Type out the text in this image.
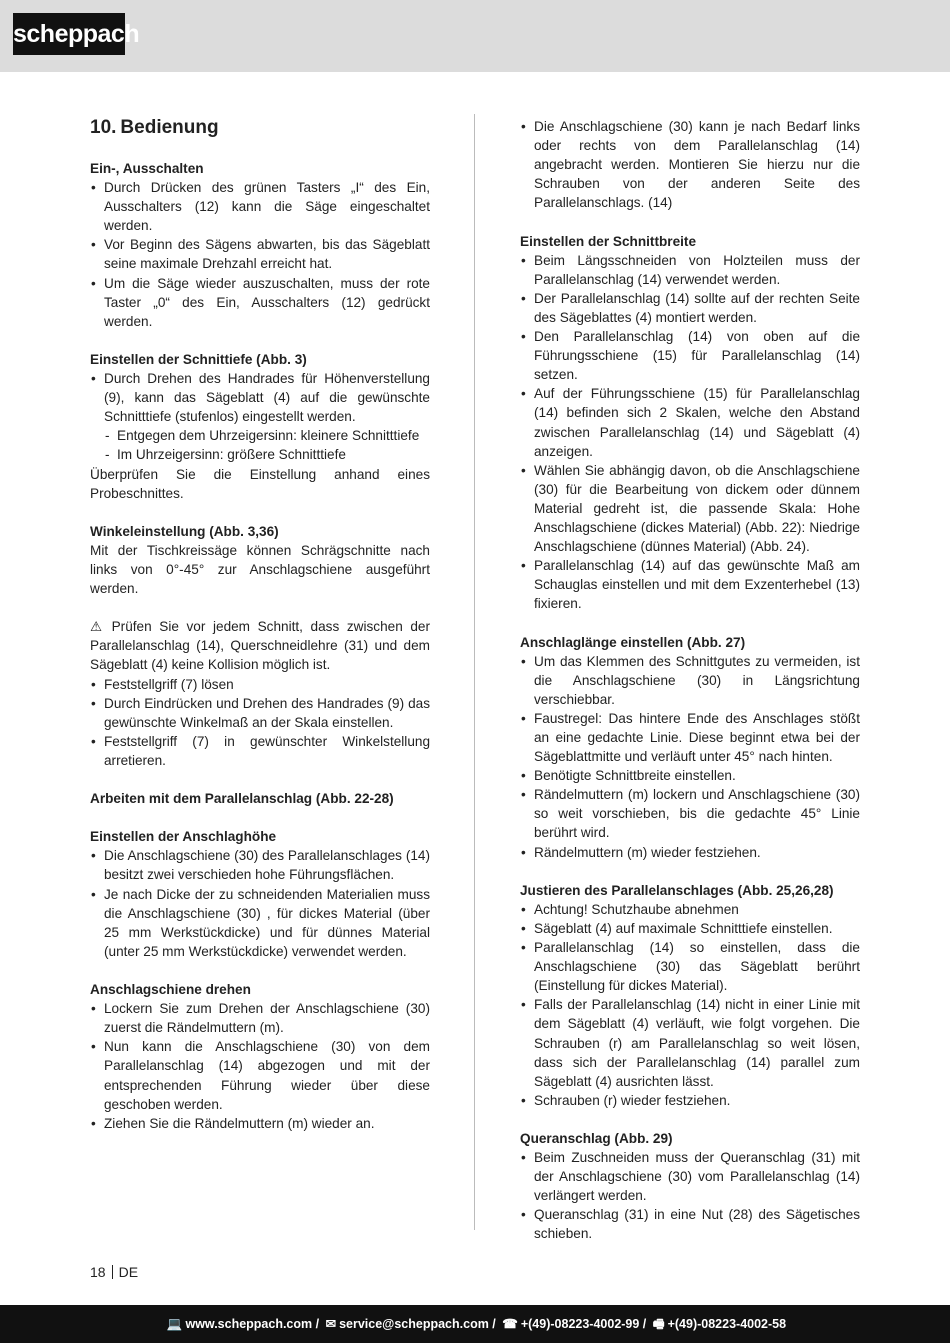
scheppach
10. Bedienung
Ein-, Ausschalten
• Durch Drücken des grünen Tasters „I“ des Ein, Ausschalters (12) kann die Säge eingeschaltet werden.
• Vor Beginn des Sägens abwarten, bis das Sägeblatt seine maximale Drehzahl erreicht hat.
• Um die Säge wieder auszuschalten, muss der rote Taster „0“ des Ein, Ausschalters (12) gedrückt werden.
Einstellen der Schnittiefe (Abb. 3)
• Durch Drehen des Handrades für Höhenverstellung (9), kann das Sägeblatt (4) auf die gewünschte Schnitttiefe (stufenlos) eingestellt werden.
- Entgegen dem Uhrzeigersinn: kleinere Schnitttiefe
- Im Uhrzeigersinn: größere Schnitttiefe

Überprüfen Sie die Einstellung anhand eines Probeschnittes.

Winkeleinstellung (Abb. 3,36)

Mit der Tischkreissäge können Schrägschnitte nach links von 0°-45° zur Anschlagschiene ausgeführt werden.

⚠ Prüfen Sie vor jedem Schnitt, dass zwischen der Parallelanschlag (14), Querschneidlehre (31) und dem Sägeblatt (4) keine Kollision möglich ist.

• Feststellgriff (7) lösen
• Durch Eindrücken und Drehen des Handrades (9) das gewünschte Winkelmaß an der Skala einstellen.
• Feststellgriff (7) in gewünschter Winkelstellung arretieren.
Arbeiten mit dem Parallelanschlag (Abb. 22-28)
Einstellen der Anschlaghöhe
• Die Anschlagschiene (30) des Parallelanschlages (14) besitzt zwei verschieden hohe Führungsflächen.
• Je nach Dicke der zu schneidenden Materialien muss die Anschlagschiene (30) , für dickes Material (über 25 mm Werkstückdicke) und für dünnes Material (unter 25 mm Werkstückdicke) verwendet werden.
Anschlagschiene drehen
• Lockern Sie zum Drehen der Anschlagschiene (30) zuerst die Rändelmuttern (m).
• Nun kann die Anschlagschiene (30) von dem Parallelanschlag (14) abgezogen und mit der entsprechenden Führung wieder über diese geschoben werden.
• Ziehen Sie die Rändelmuttern (m) wieder an.
• Die Anschlagschiene (30) kann je nach Bedarf links oder rechts von dem Parallelanschlag (14) angebracht werden. Montieren Sie hierzu nur die Schrauben von der anderen Seite des Parallelanschlags. (14)
Einstellen der Schnittbreite
• Beim Längsschneiden von Holzteilen muss der Parallelanschlag (14) verwendet werden.
• Der Parallelanschlag (14) sollte auf der rechten Seite des Sägeblattes (4) montiert werden.
• Den Parallelanschlag (14) von oben auf die Führungsschiene (15) für Parallelanschlag (14) setzen.
• Auf der Führungsschiene (15) für Parallelanschlag (14) befinden sich 2 Skalen, welche den Abstand zwischen Parallelanschlag (14) und Sägeblatt (4) anzeigen.
• Wählen Sie abhängig davon, ob die Anschlagschiene (30) für die Bearbeitung von dickem oder dünnem Material gedreht ist, die passende Skala: Hohe Anschlagschiene (dickes Material) (Abb. 22): Niedrige Anschlagschiene (dünnes Material) (Abb. 24).
• Parallelanschlag (14) auf das gewünschte Maß am Schauglas einstellen und mit dem Exzenterhebel (13) fixieren.
Anschlaglänge einstellen (Abb. 27)
• Um das Klemmen des Schnittgutes zu vermeiden, ist die Anschlagschiene (30) in Längsrichtung verschiebbar.
• Faustregel: Das hintere Ende des Anschlages stößt an eine gedachte Linie. Diese beginnt etwa bei der Sägeblattmitte und verläuft unter 45° nach hinten.
• Benötigte Schnittbreite einstellen.
• Rändelmuttern (m) lockern und Anschlagschiene (30) so weit vorschieben, bis die gedachte 45° Linie berührt wird.
• Rändelmuttern (m) wieder festziehen.
Justieren des Parallelanschlages (Abb. 25,26,28)
• Achtung! Schutzhaube abnehmen
• Sägeblatt (4) auf maximale Schnitttiefe einstellen.
• Parallelanschlag (14) so einstellen, dass die Anschlagschiene (30) das Sägeblatt berührt (Einstellung für dickes Material).
• Falls der Parallelanschlag (14) nicht in einer Linie mit dem Sägeblatt (4) verläuft, wie folgt vorgehen. Die Schrauben (r) am Parallelanschlag so weit lösen, dass sich der Parallelanschlag (14) parallel zum Sägeblatt (4) ausrichten lässt.
• Schrauben (r) wieder festziehen.
Queranschlag (Abb. 29)
• Beim Zuschneiden muss der Queranschlag (31) mit der Anschlagschiene (30) vom Parallelanschlag (14) verlängert werden.
• Queranschlag (31) in eine Nut (28) des Sägetisches schieben.
18 DE
💻 www.scheppach.com / ✉ service@scheppach.com / ☎ +(49)-08223-4002-99 / 🖷 +(49)-08223-4002-58
